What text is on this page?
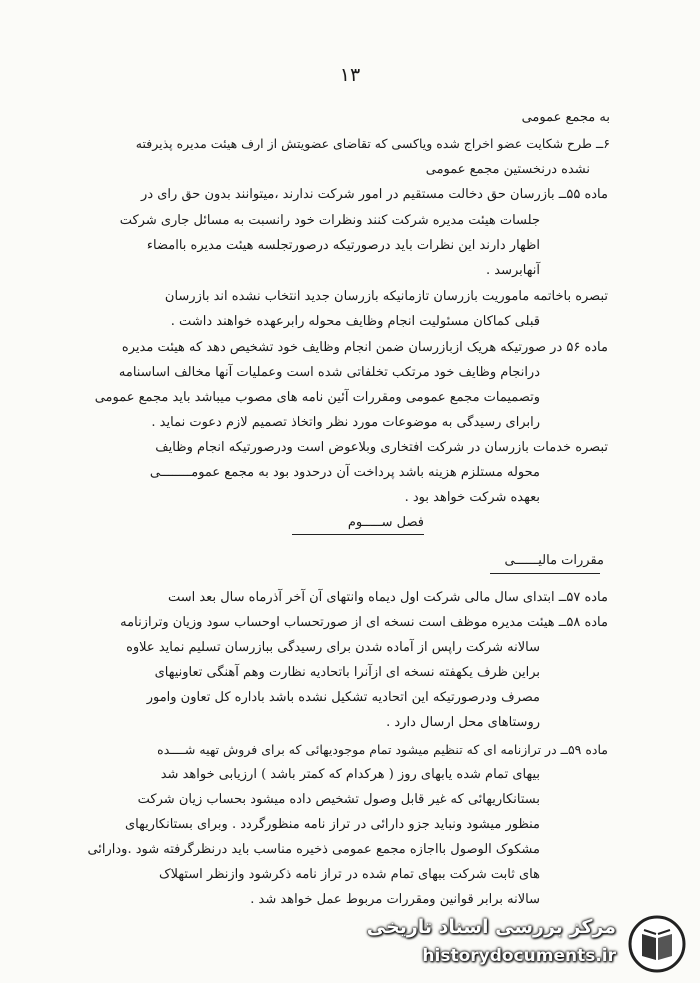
۱۳
به مجمع عمومی
۶ــ طرح شکایت عضو اخراج شده ویاکسی که تقاضای عضویتش از ارف هیئت مدیره پذیرفته
نشده درنخستین مجمع عمومی
ماده ۵۵ــ بازرسان حق دخالت مستقیم در امور شرکت ندارند ،میتوانند بدون حق رای در
جلسات هیئت مدیره شرکت کنند ونظرات خود رانسبت به مسائل جاری شرکت
اظهار دارند این نظرات باید درصورتیکه درصورتجلسه هیئت مدیره باامضاء
آنهابرسد .
تبصره باخاتمه ماموریت بازرسان تازمانیکه بازرسان جدید انتخاب نشده اند بازرسان
قبلی کماکان مسئولیت انجام وظایف محوله رابرعهده خواهند داشت .
ماده ۵۶ در صورتیکه هریک ازبازرسان ضمن انجام وظایف خود تشخیص دهد که هیئت مدیره
درانجام وظایف خود مرتکب تخلفاتی شده است وعملیات آنها مخالف اساسنامه
وتصمیمات مجمع عمومی ومقررات آئین نامه های مصوب میباشد باید مجمع عمومی
رابرای رسیدگی به موضوعات مورد نظر واتخاذ تصمیم لازم دعوت نماید .
تبصره خدمات بازرسان در شرکت افتخاری وبلاعوض است ودرصورتیکه انجام وظایف
محوله مستلزم هزینه باشد پرداخت آن درحدود بود به مجمع عمومــــــــی
بعهده شرکت خواهد بود .
فصل ســـــوم
مقررات مالیــــــی
ماده ۵۷ــ ابتدای سال مالی شرکت اول دیماه وانتهای آن آخر آذرماه سال بعد است
ماده ۵۸ــ هیئت مدیره موظف است نسخه ای از صورتحساب اوحساب سود وزیان وترازنامه
سالانه شرکت راپس از آماده شدن برای رسیدگی ببازرسان تسلیم نماید علاوه
براین ظرف یکهفته نسخه ای ازآنرا باتحادیه نظارت وهم آهنگی تعاونیهای
مصرف ودرصورتیکه این اتحادیه تشکیل نشده باشد باداره کل تعاون وامور
روستاهای محل ارسال دارد .
ماده ۵۹ــ در ترازنامه ای که تنظیم میشود تمام موجودیهائی که برای فروش تهیه شــــده
بیهای تمام شده یابهای روز ( هرکدام که کمتر باشد ) ارزیابی خواهد شد
بستانکاریهائی که غیر قابل وصول تشخیص داده میشود بحساب زیان شرکت
منظور میشود ونباید جزو دارائی در تراز نامه منظورگردد . وبرای بستانکاریهای
مشکوک الوصول بااجازه مجمع عمومی ذخیره مناسب باید درنظرگرفته شود .ودارائی
های ثابت شرکت ببهای تمام شده در تراز نامه ذکرشود وازنظر استهلاک
سالانه برابر قوانین ومقررات مربوط عمل خواهد شد .
مرکز بررسی اسناد تاریخی
historydocuments.ir
